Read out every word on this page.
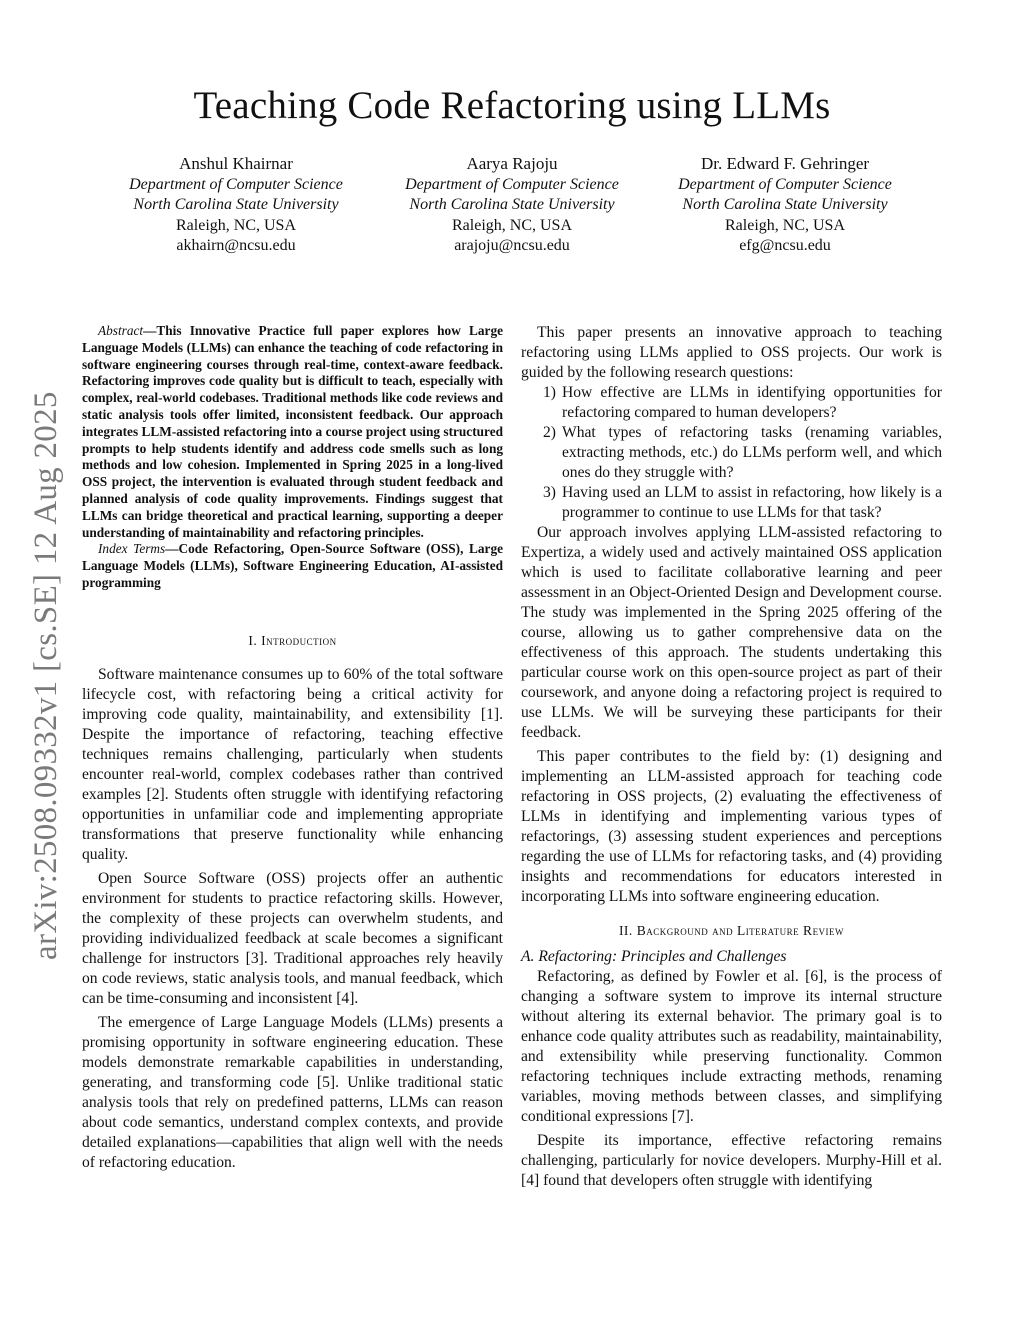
Teaching Code Refactoring using LLMs
Anshul Khairnar
Department of Computer Science
North Carolina State University
Raleigh, NC, USA
akhairn@ncsu.edu
Aarya Rajoju
Department of Computer Science
North Carolina State University
Raleigh, NC, USA
arajoju@ncsu.edu
Dr. Edward F. Gehringer
Department of Computer Science
North Carolina State University
Raleigh, NC, USA
efg@ncsu.edu
arXiv:2508.09332v1 [cs.SE] 12 Aug 2025

Abstract—This Innovative Practice full paper explores how Large Language Models (LLMs) can enhance the teaching of code refactoring in software engineering courses through real-time, context-aware feedback. Refactoring improves code quality but is difficult to teach, especially with complex, real-world codebases. Traditional methods like code reviews and static analysis tools offer limited, inconsistent feedback. Our approach integrates LLM-assisted refactoring into a course project using structured prompts to help students identify and address code smells such as long methods and low cohesion. Implemented in Spring 2025 in a long-lived OSS project, the intervention is evaluated through student feedback and planned analysis of code quality improvements. Findings suggest that LLMs can bridge theoretical and practical learning, supporting a deeper understanding of maintainability and refactoring principles.

Index Terms—Code Refactoring, Open-Source Software (OSS), Large Language Models (LLMs), Software Engineering Education, AI-assisted programming

I. Introduction

Software maintenance consumes up to 60% of the total software lifecycle cost, with refactoring being a critical activity for improving code quality, maintainability, and extensibility [1]. Despite the importance of refactoring, teaching effective techniques remains challenging, particularly when students encounter real-world, complex codebases rather than contrived examples [2]. Students often struggle with identifying refactoring opportunities in unfamiliar code and implementing appropriate transformations that preserve functionality while enhancing quality.

Open Source Software (OSS) projects offer an authentic environment for students to practice refactoring skills. However, the complexity of these projects can overwhelm students, and providing individualized feedback at scale becomes a significant challenge for instructors [3]. Traditional approaches rely heavily on code reviews, static analysis tools, and manual feedback, which can be time-consuming and inconsistent [4].

The emergence of Large Language Models (LLMs) presents a promising opportunity in software engineering education. These models demonstrate remarkable capabilities in understanding, generating, and transforming code [5]. Unlike traditional static analysis tools that rely on predefined patterns, LLMs can reason about code semantics, understand complex contexts, and provide detailed explanations—capabilities that align well with the needs of refactoring education.

This paper presents an innovative approach to teaching refactoring using LLMs applied to OSS projects. Our work is guided by the following research questions:

1) How effective are LLMs in identifying opportunities for refactoring compared to human developers?
2) What types of refactoring tasks (renaming variables, extracting methods, etc.) do LLMs perform well, and which ones do they struggle with?
3) Having used an LLM to assist in refactoring, how likely is a programmer to continue to use LLMs for that task?

Our approach involves applying LLM-assisted refactoring to Expertiza, a widely used and actively maintained OSS application which is used to facilitate collaborative learning and peer assessment in an Object-Oriented Design and Development course. The study was implemented in the Spring 2025 offering of the course, allowing us to gather comprehensive data on the effectiveness of this approach. The students undertaking this particular course work on this open-source project as part of their coursework, and anyone doing a refactoring project is required to use LLMs. We will be surveying these participants for their feedback.

This paper contributes to the field by: (1) designing and implementing an LLM-assisted approach for teaching code refactoring in OSS projects, (2) evaluating the effectiveness of LLMs in identifying and implementing various types of refactorings, (3) assessing student experiences and perceptions regarding the use of LLMs for refactoring tasks, and (4) providing insights and recommendations for educators interested in incorporating LLMs into software engineering education.

II. Background and Literature Review

A. Refactoring: Principles and Challenges

Refactoring, as defined by Fowler et al. [6], is the process of changing a software system to improve its internal structure without altering its external behavior. The primary goal is to enhance code quality attributes such as readability, maintainability, and extensibility while preserving functionality. Common refactoring techniques include extracting methods, renaming variables, moving methods between classes, and simplifying conditional expressions [7].

Despite its importance, effective refactoring remains challenging, particularly for novice developers. Murphy-Hill et al. [4] found that developers often struggle with identifying
